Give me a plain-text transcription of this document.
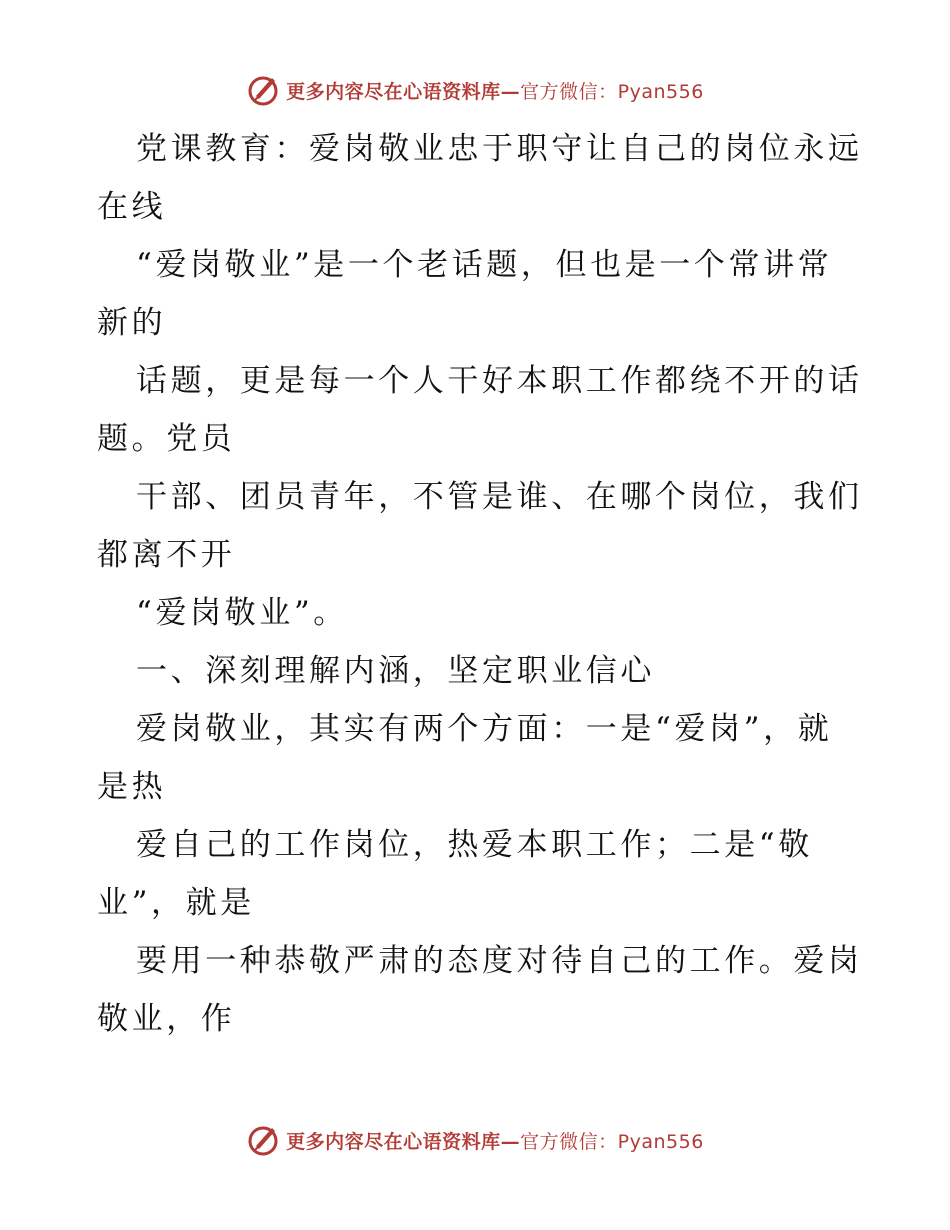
更多内容尽在心语资料库— 官方微信：Pyan556
党课教育：爱岗敬业忠于职守让自己的岗位永远
在线
“爱岗敬业”是一个老话题，但也是一个常讲常
新的
话题，更是每一个人干好本职工作都绕不开的话
题。党员
干部、团员青年，不管是谁、在哪个岗位，我们
都离不开
“爱岗敬业”。
一、深刻理解内涵，坚定职业信心
爱岗敬业，其实有两个方面：一是“爱岗”，就
是热
爱自己的工作岗位，热爱本职工作；二是“敬
业”，就是
要用一种恭敬严肃的态度对待自己的工作。爱岗
敬业，作
更多内容尽在心语资料库— 官方微信：Pyan556
